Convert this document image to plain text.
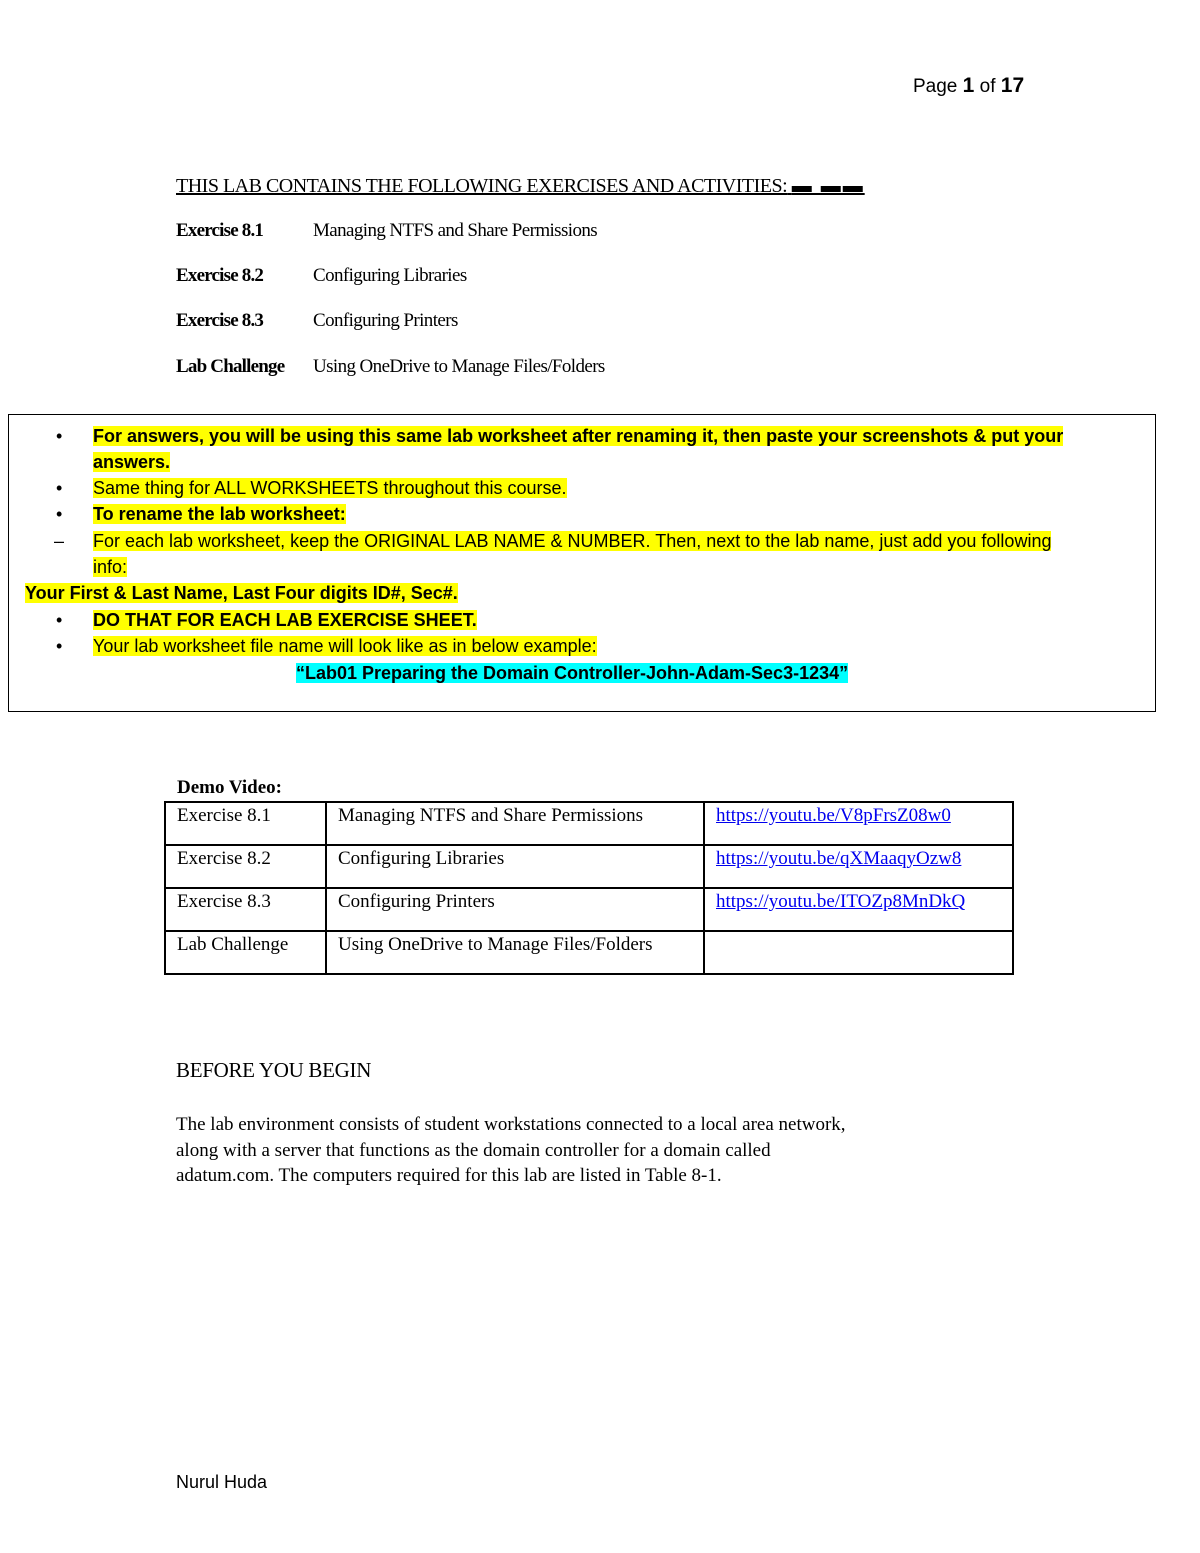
Page 1 of 17
THIS LAB CONTAINS THE FOLLOWING EXERCISES AND ACTIVITIES: ▬ ▬▬
Exercise 8.1	Managing NTFS and Share Permissions
Exercise 8.2	Configuring Libraries
Exercise 8.3	Configuring Printers
Lab Challenge	Using OneDrive to Manage Files/Folders
• For answers, you will be using this same lab worksheet after renaming it, then paste your screenshots & put your
answers.
• Same thing for ALL WORKSHEETS throughout this course.
• To rename the lab worksheet:
– For each lab worksheet, keep the ORIGINAL LAB NAME & NUMBER. Then, next to the lab name, just add you following
info:
Your First & Last Name, Last Four digits ID#, Sec#.
• DO THAT FOR EACH LAB EXERCISE SHEET.
• Your lab worksheet file name will look like as in below example:
“Lab01 Preparing the Domain Controller-John-Adam-Sec3-1234”
Demo Video:
Exercise 8.1	Managing NTFS and Share Permissions	https://youtu.be/V8pFrsZ08w0
Exercise 8.2	Configuring Libraries	https://youtu.be/qXMaaqyOzw8
Exercise 8.3	Configuring Printers	https://youtu.be/ITOZp8MnDkQ
Lab Challenge	Using OneDrive to Manage Files/Folders	
BEFORE YOU BEGIN
The lab environment consists of student workstations connected to a local area network,
along with a server that functions as the domain controller for a domain called
adatum.com. The computers required for this lab are listed in Table 8-1.
Nurul Huda
